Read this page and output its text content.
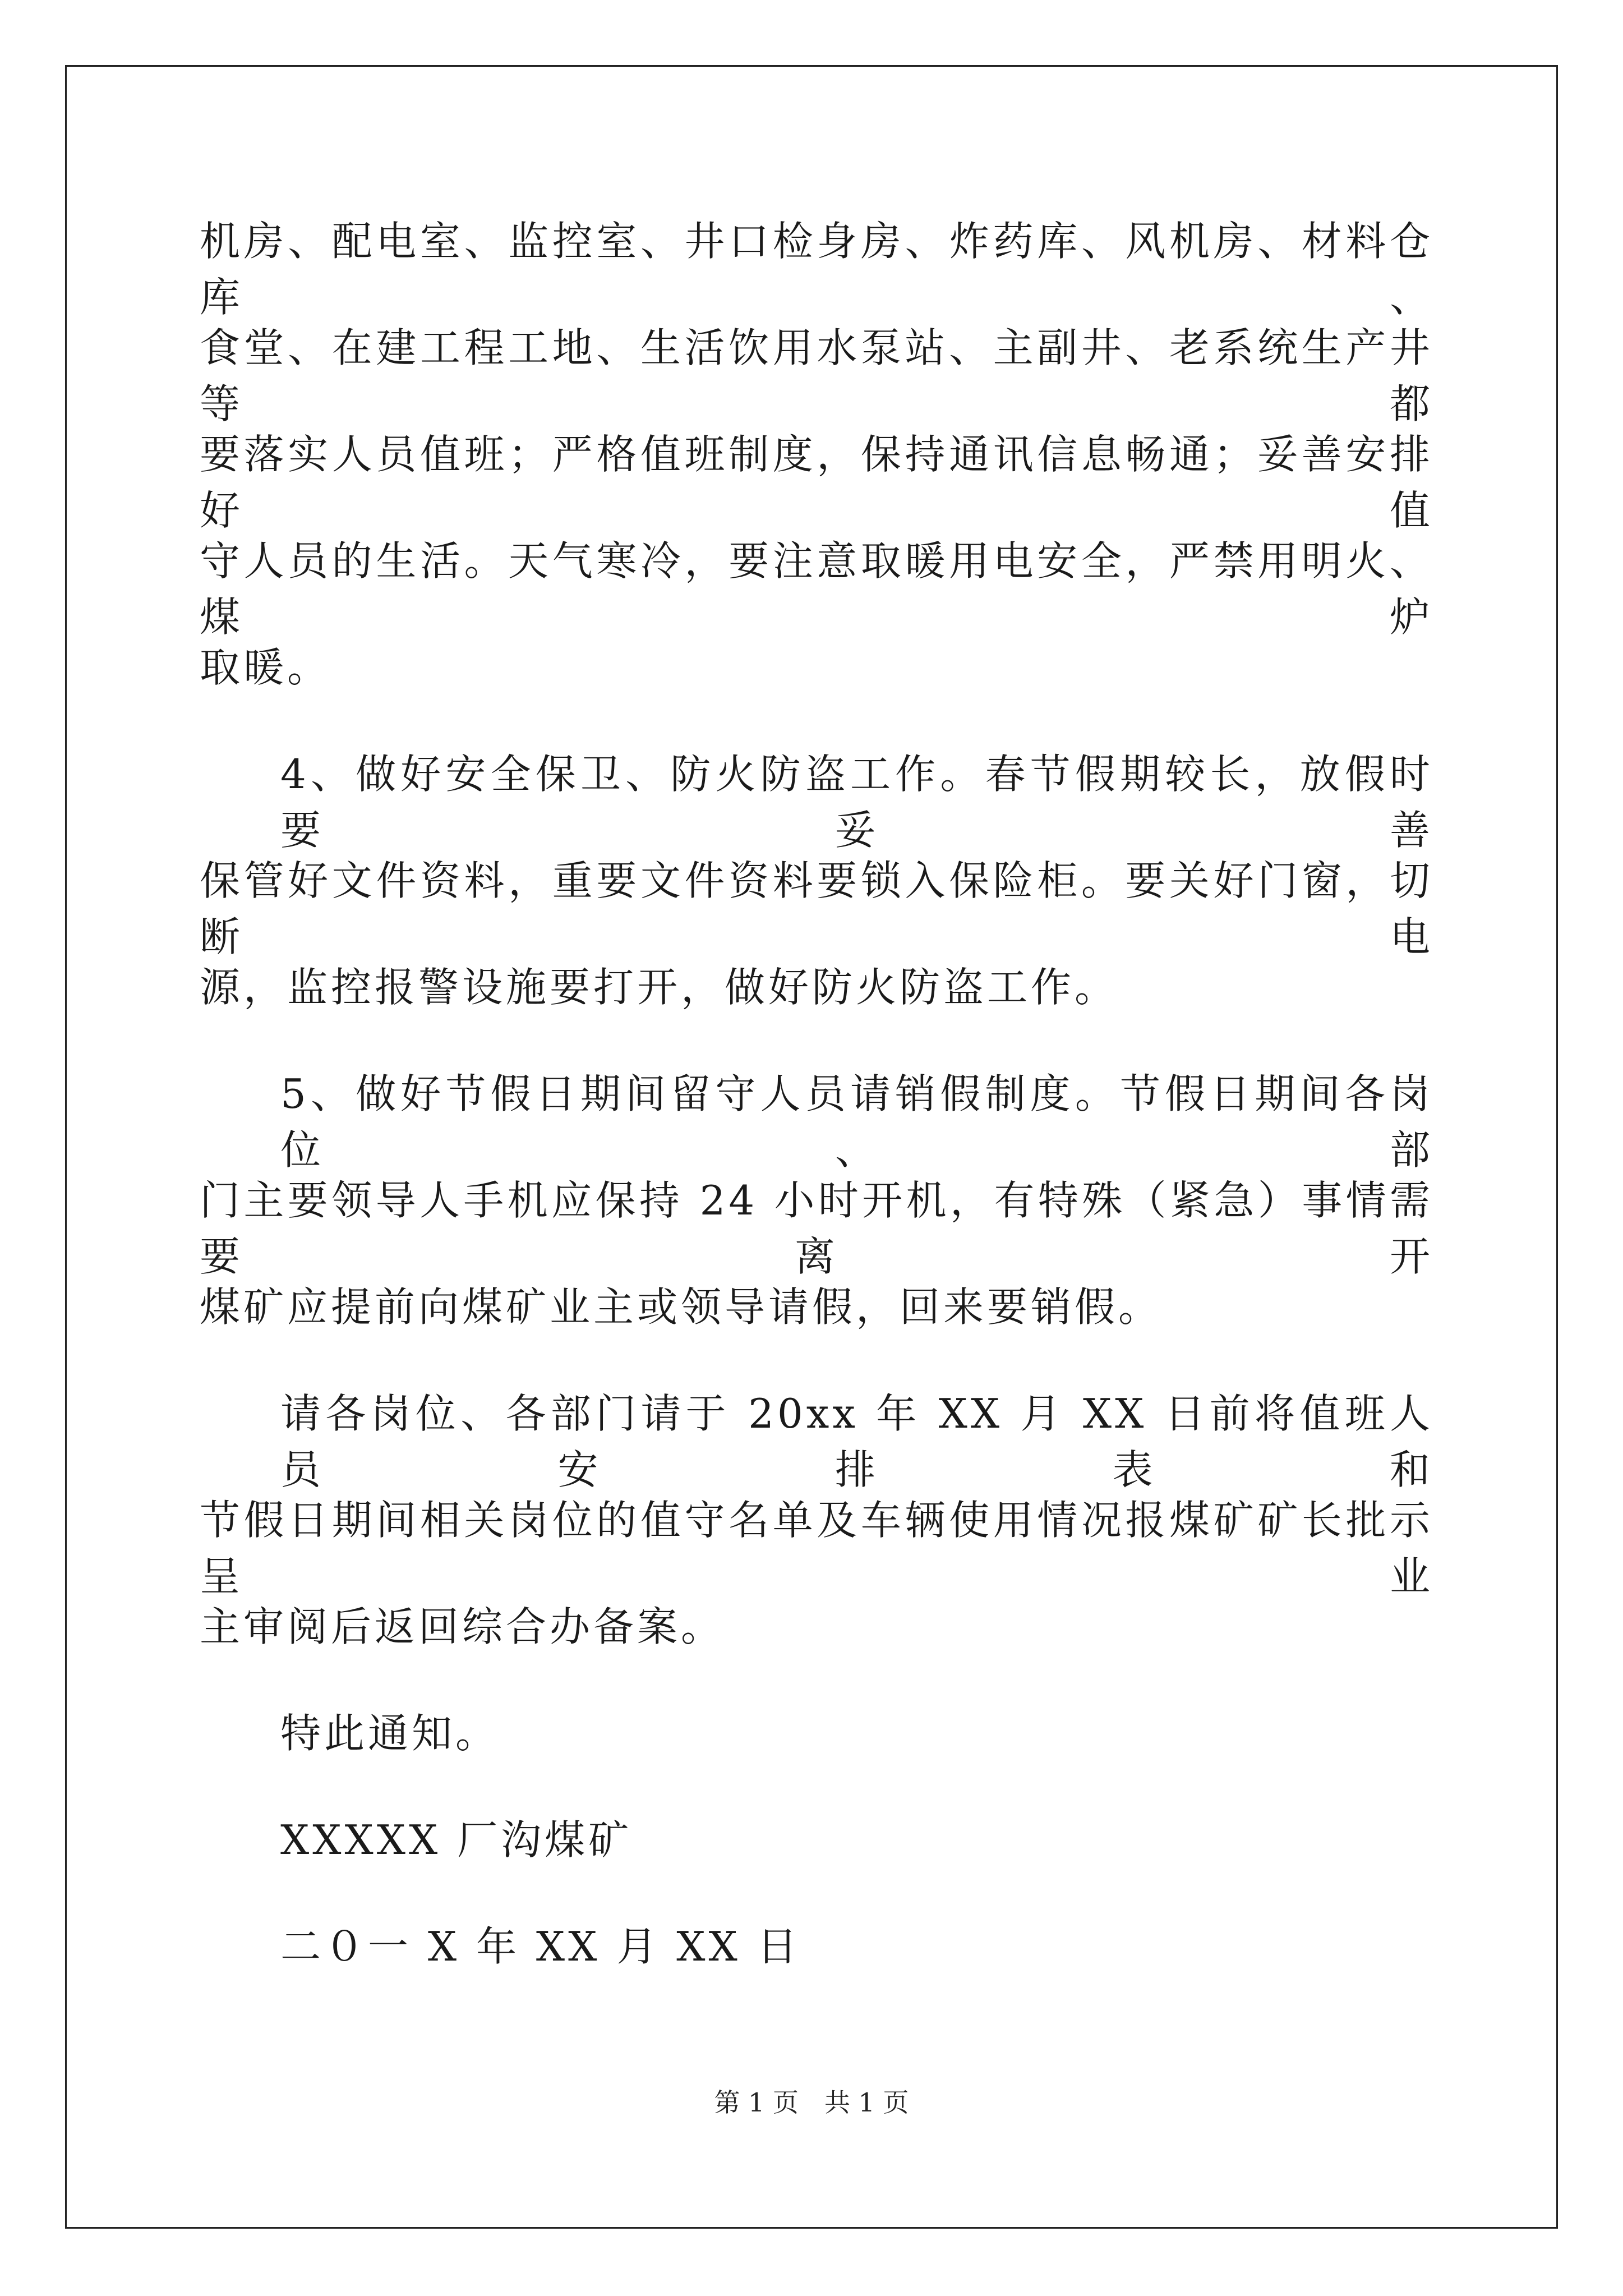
机房、配电室、监控室、井口检身房、炸药库、风机房、材料仓库、
食堂、在建工程工地、生活饮用水泵站、主副井、老系统生产井等都
要落实人员值班；严格值班制度，保持通讯信息畅通；妥善安排好值
守人员的生活。天气寒冷，要注意取暖用电安全，严禁用明火、煤炉
取暖。
4、做好安全保卫、防火防盗工作。春节假期较长，放假时要妥善
保管好文件资料，重要文件资料要锁入保险柜。要关好门窗，切断电
源，监控报警设施要打开，做好防火防盗工作。
5、做好节假日期间留守人员请销假制度。节假日期间各岗位、部
门主要领导人手机应保持 24 小时开机，有特殊（紧急）事情需要离开
煤矿应提前向煤矿业主或领导请假，回来要销假。
请各岗位、各部门请于 20xx 年 XX 月 XX 日前将值班人员安排表和
节假日期间相关岗位的值守名单及车辆使用情况报煤矿矿长批示呈业
主审阅后返回综合办备案。
特此通知。
XXXXX 厂沟煤矿
二０一 X 年 XX 月 XX 日
第 1 页　共 1 页
